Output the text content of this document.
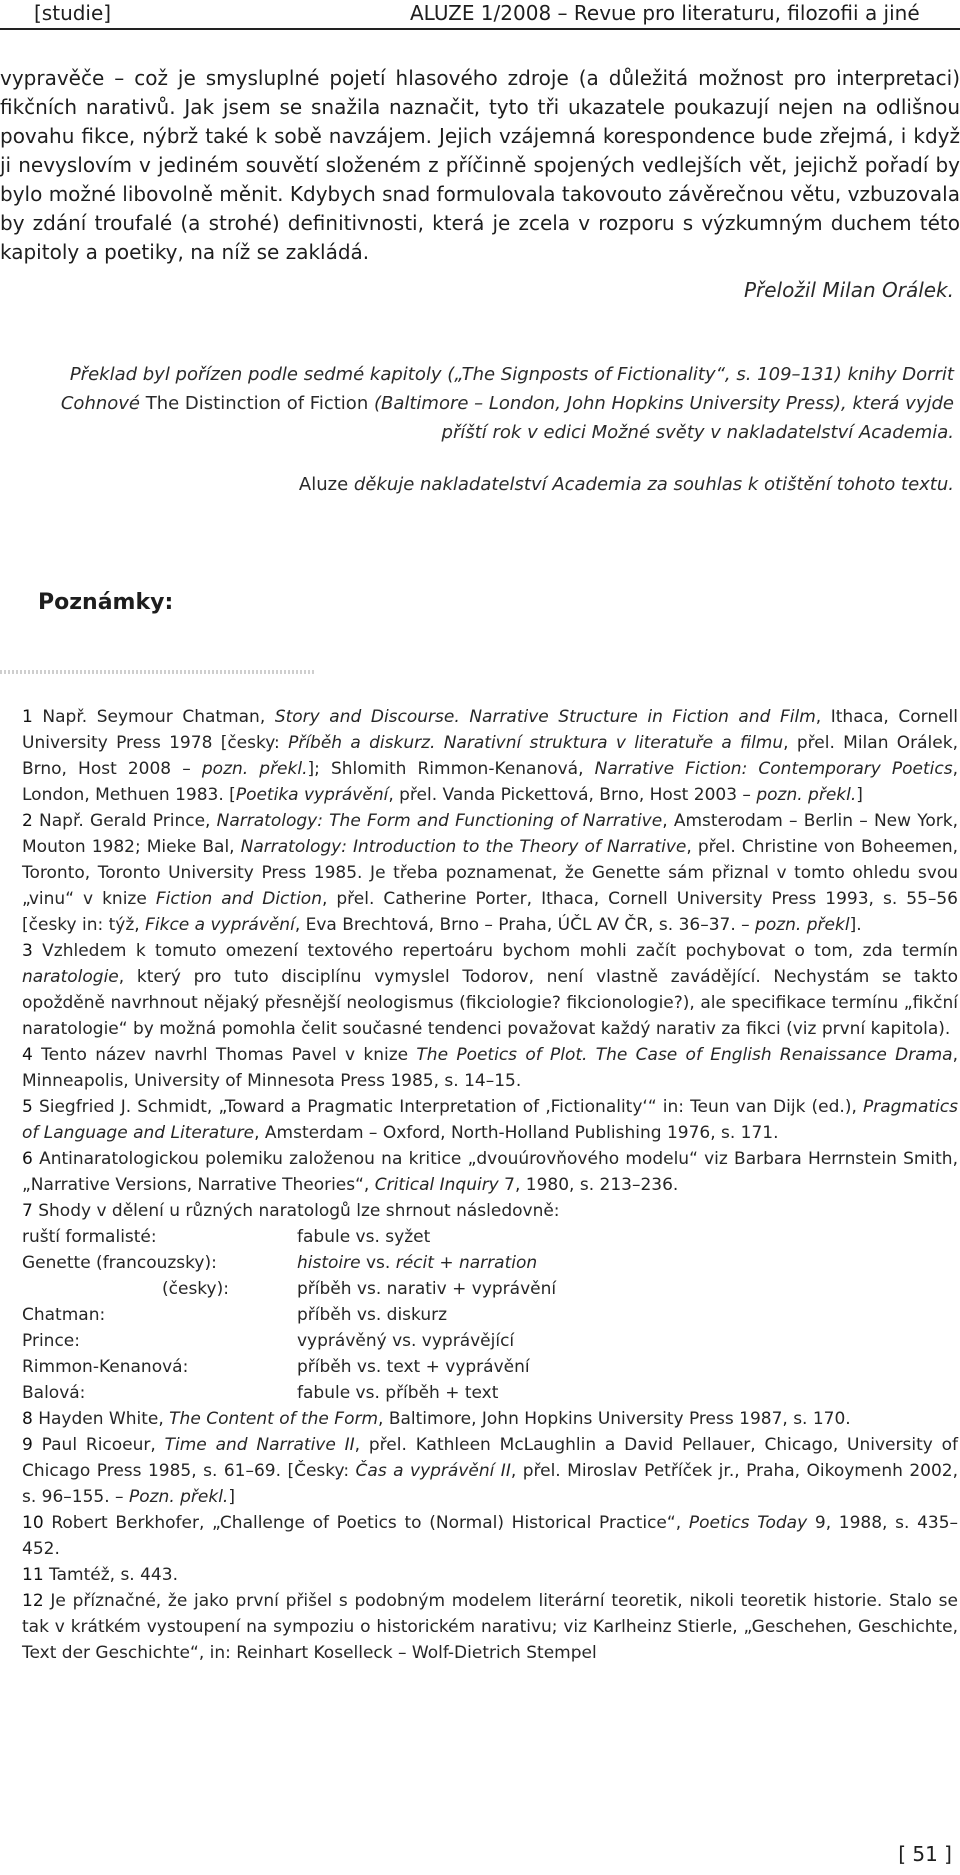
[studie]	ALUZE 1/2008 – Revue pro literaturu, filozofii a jiné

vypravěče – což je smysluplné pojetí hlasového zdroje (a důležitá možnost pro interpretaci) fikčních narativů. Jak jsem se snažila naznačit, tyto tři ukazatele poukazují nejen na odlišnou povahu fikce, nýbrž také k sobě navzájem. Jejich vzájemná korespondence bude zřejmá, i když ji nevyslovím v jediném souvětí složeném z příčinně spojených vedlejších vět, jejichž pořadí by bylo možné libovolně měnit. Kdybych snad formulovala takovouto závěrečnou větu, vzbuzovala by zdání troufalé (a strohé) definitivnosti, která je zcela v rozporu s výzkumným duchem této kapitoly a poetiky, na níž se zakládá.

Přeložil Milan Orálek.

Překlad byl pořízen podle sedmé kapitoly („The Signposts of Fictionality“, s. 109–131) knihy Dorrit Cohnové The Distinction of Fiction (Baltimore – London, John Hopkins University Press), která vyjde příští rok v edici Možné světy v nakladatelství Academia.

Aluze děkuje nakladatelství Academia za souhlas k otištění tohoto textu.

Poznámky:

1 Např. Seymour Chatman, Story and Discourse. Narrative Structure in Fiction and Film, Ithaca, Cornell University Press 1978 [česky: Příběh a diskurz. Narativní struktura v literatuře a filmu, přel. Milan Orálek, Brno, Host 2008 – pozn. překl.]; Shlomith Rimmon-Kenanová, Narrative Fiction: Contemporary Poetics, London, Methuen 1983. [Poetika vyprávění, přel. Vanda Pickettová, Brno, Host 2003 – pozn. překl.]

2 Např. Gerald Prince, Narratology: The Form and Functioning of Narrative, Amsterodam – Berlin – New York, Mouton 1982; Mieke Bal, Narratology: Introduction to the Theory of Narrative, přel. Christine von Boheemen, Toronto, Toronto University Press 1985. Je třeba poznamenat, že Genette sám přiznal v tomto ohledu svou „vinu“ v knize Fiction and Diction, přel. Catherine Porter, Ithaca, Cornell University Press 1993, s. 55–56 [česky in: týž, Fikce a vyprávění, Eva Brechtová, Brno – Praha, ÚČL AV ČR, s. 36–37. – pozn. překl].

3 Vzhledem k tomuto omezení textového repertoáru bychom mohli začít pochybovat o tom, zda termín naratologie, který pro tuto disciplínu vymyslel Todorov, není vlastně zavádějící. Nechystám se takto opožděně navrhnout nějaký přesnější neologismus (fikciologie? fikcionologie?), ale specifikace termínu „fikční naratologie“ by možná pomohla čelit současné tendenci považovat každý narativ za fikci (viz první kapitola).

4 Tento název navrhl Thomas Pavel v knize The Poetics of Plot. The Case of English Renaissance Drama, Minneapolis, University of Minnesota Press 1985, s. 14–15.

5 Siegfried J. Schmidt, „Toward a Pragmatic Interpretation of ‚Fictionality‘“ in: Teun van Dijk (ed.), Pragmatics of Language and Literature, Amsterdam – Oxford, North-Holland Publishing 1976, s. 171.

6 Antinaratologickou polemiku založenou na kritice „dvouúrovňového modelu“ viz Barbara Herrnstein Smith, „Narrative Versions, Narrative Theories“, Critical Inquiry 7, 1980, s. 213–236.

7 Shody v dělení u různých naratologů lze shrnout následovně:

ruští formalisté:	fabule vs. syžet
Genette (francouzsky):	histoire vs. récit + narration
(česky):	příběh vs. narativ + vyprávění
Chatman:	příběh vs. diskurz
Prince:	vyprávěný vs. vyprávějící
Rimmon-Kenanová:	příběh vs. text + vyprávění
Balová:	fabule vs. příběh + text

8 Hayden White, The Content of the Form, Baltimore, John Hopkins University Press 1987, s. 170.

9 Paul Ricoeur, Time and Narrative II, přel. Kathleen McLaughlin a David Pellauer, Chicago, University of Chicago Press 1985, s. 61–69. [Česky: Čas a vyprávění II, přel. Miroslav Petříček jr., Praha, Oikoymenh 2002, s. 96–155. – Pozn. překl.]

10 Robert Berkhofer, „Challenge of Poetics to (Normal) Historical Practice“, Poetics Today 9, 1988, s. 435–452.

11 Tamtéž, s. 443.

12 Je příznačné, že jako první přišel s podobným modelem literární teoretik, nikoli teoretik historie. Stalo se tak v krátkém vystoupení na sympoziu o historickém narativu; viz Karlheinz Stierle, „Geschehen, Geschichte, Text der Geschichte“, in: Reinhart Koselleck – Wolf-Dietrich Stempel

[ 51 ]
